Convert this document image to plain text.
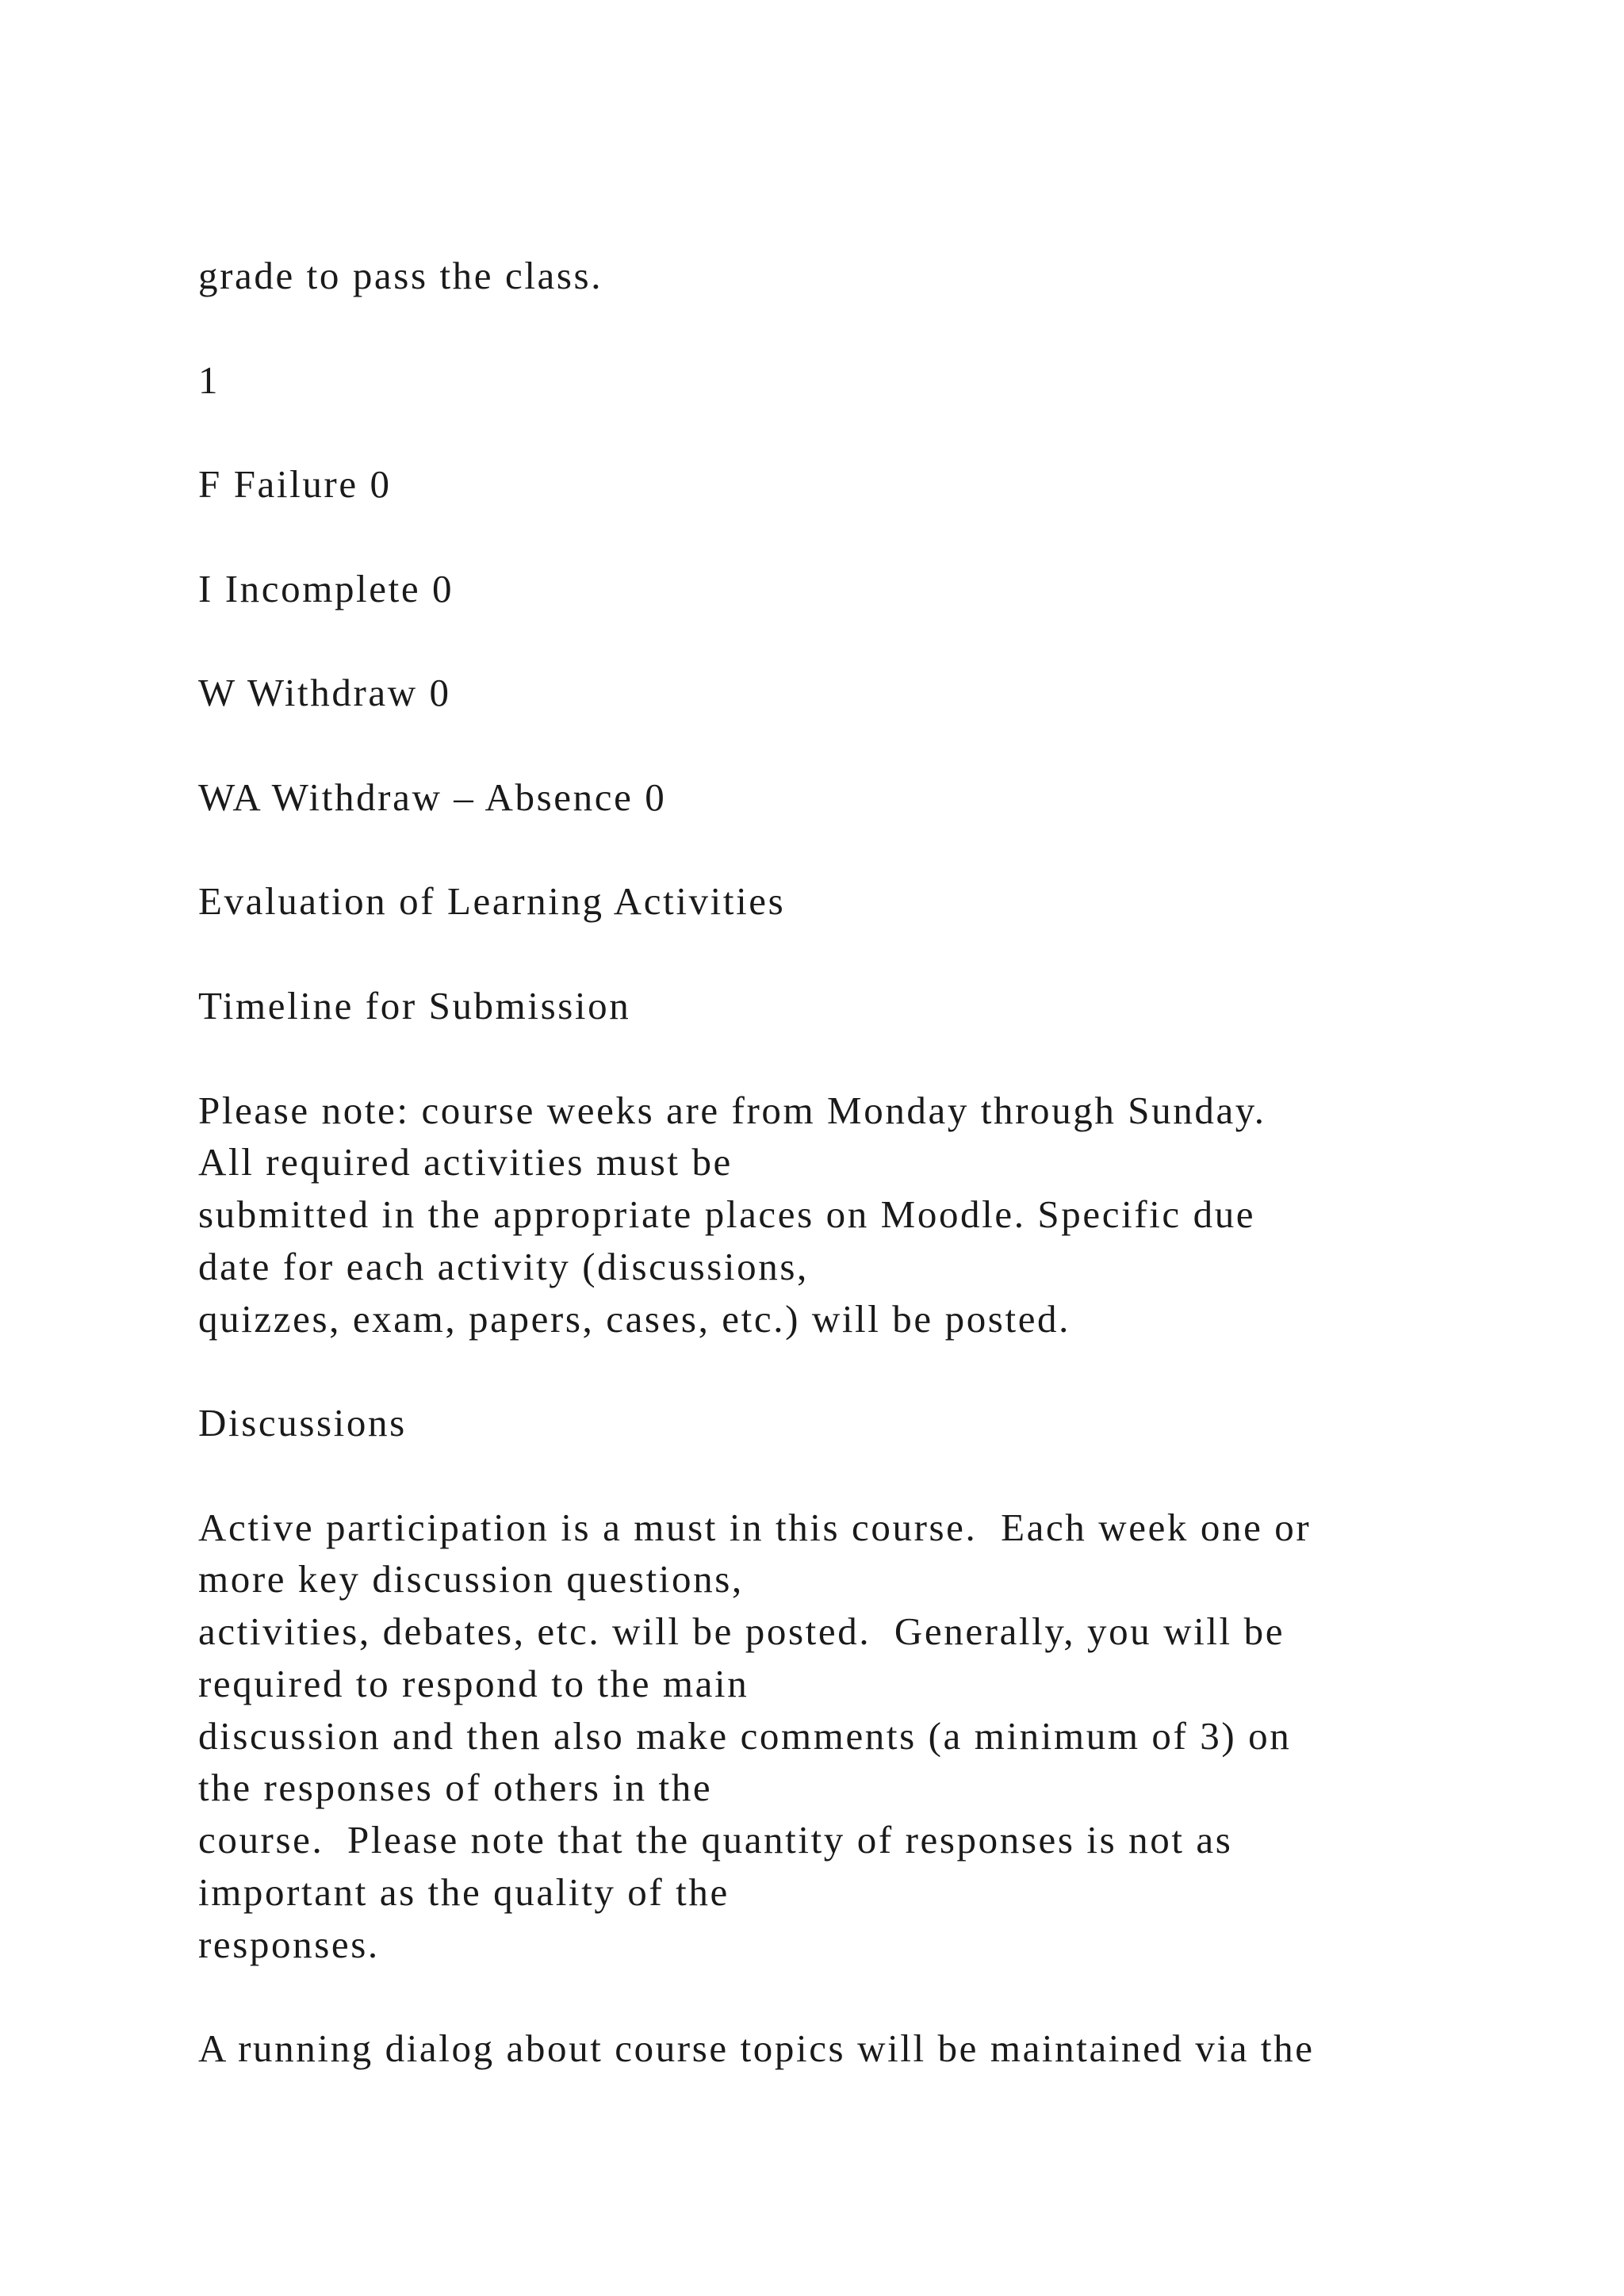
grade to pass the class.

1

F Failure 0

I Incomplete 0

W Withdraw 0

WA Withdraw – Absence 0

Evaluation of Learning Activities

Timeline for Submission

Please note: course weeks are from Monday through Sunday.

All required activities must be

submitted in the appropriate places on Moodle. Specific due

date for each activity (discussions,

quizzes, exam, papers, cases, etc.) will be posted.

Discussions

Active participation is a must in this course.  Each week one or

more key discussion questions,

activities, debates, etc. will be posted.  Generally, you will be

required to respond to the main

discussion and then also make comments (a minimum of 3) on

the responses of others in the

course.  Please note that the quantity of responses is not as

important as the quality of the

responses.

A running dialog about course topics will be maintained via the
